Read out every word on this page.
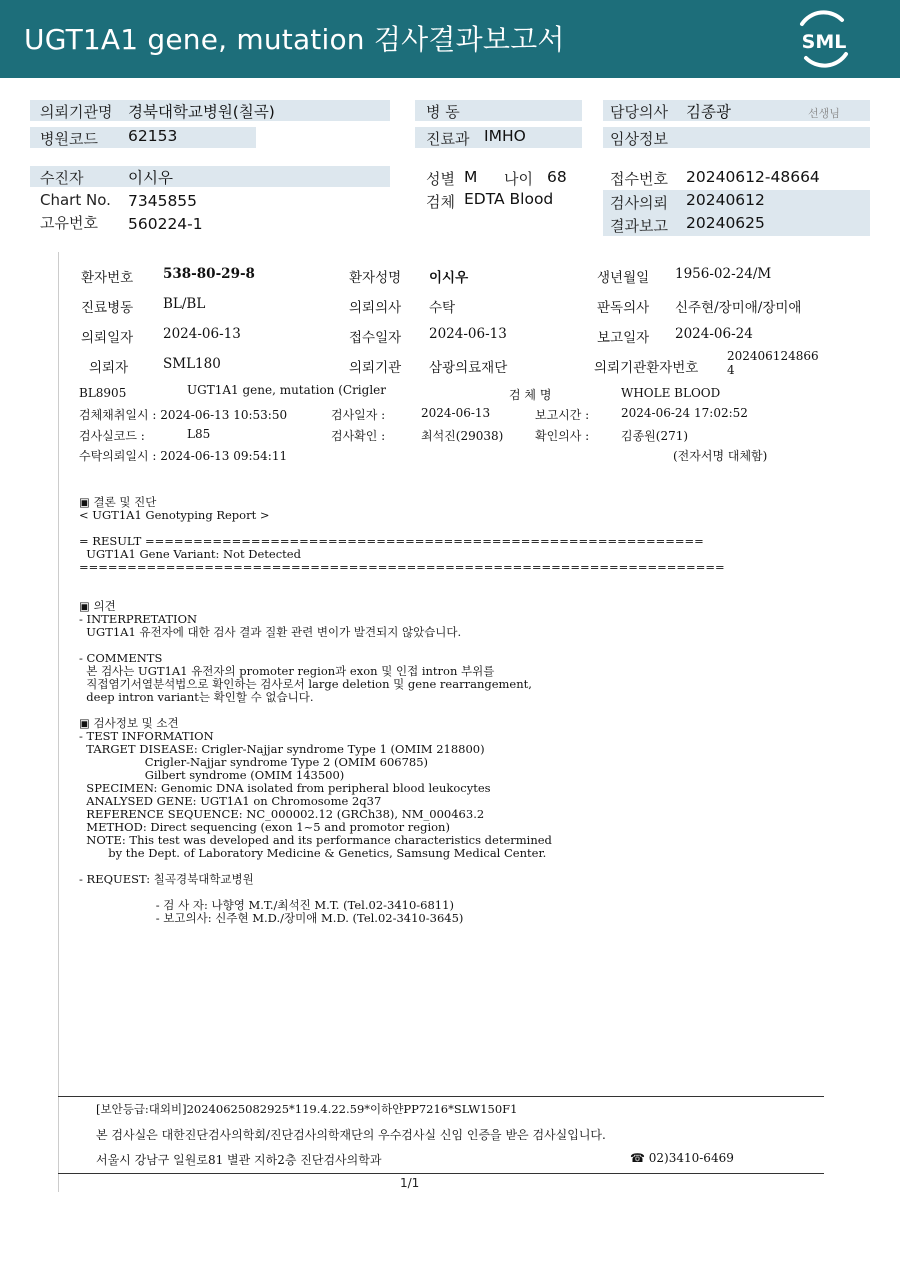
UGT1A1 gene, mutation 검사결과보고서	SML
의뢰기관명 경북대학교병원(칠곡)
병원코드 62153
병 동
진료과 IMHO
담당의사 김종광	선생님
임상정보
수진자	이시우
Chart No. 7345855
고유번호 560224-1
성별 M 나이 68
검체 EDTA Blood
접수번호 20240612-48664
검사의뢰 20240612
결과보고 20240625
환자번호 538-80-29-8	환자성명 이시우	생년월일 1956-02-24/M
진료병동 BL/BL	의뢰의사 수탁	판독의사 신주현/장미애/장미애
의뢰일자 2024-06-13	접수일자 2024-06-13	보고일자 2024-06-24
의뢰자	SML180	의뢰기관 삼광의료재단	의뢰기관환자번호
202406124866
4
BL8905	UGT1A1 gene, mutation (Crigler	검 체 명	WHOLE BLOOD
검체채취일시 : 2024-06-13 10:53:50	검사일자 :	2024-06-13	보고시간 :	2024-06-24 17:02:52
검사실코드 :	L85	검사확인 :	최석진(29038)	확인의사 :	김종원(271)
수탁의뢰일시 : 2024-06-13 09:54:11	(전자서명 대체함)
▣ 결론 및 진단
< UGT1A1 Genotyping Report >

= RESULT ==========================================================
UGT1A1 Gene Variant: Not Detected
===================================================================

▣ 의견
- INTERPRETATION
UGT1A1 유전자에 대한 검사 결과 질환 관련 변이가 발견되지 않았습니다.

- COMMENTS
본 검사는 UGT1A1 유전자의 promoter region과 exon 및 인접 intron 부위를
직접염기서열분석법으로 확인하는 검사로서 large deletion 및 gene rearrangement,
deep intron variant는 확인할 수 없습니다.

▣ 검사정보 및 소견
- TEST INFORMATION
TARGET DISEASE: Crigler-Najjar syndrome Type 1 (OMIM 218800)
Crigler-Najjar syndrome Type 2 (OMIM 606785)
Gilbert syndrome (OMIM 143500)
SPECIMEN: Genomic DNA isolated from peripheral blood leukocytes
ANALYSED GENE: UGT1A1 on Chromosome 2q37
REFERENCE SEQUENCE: NC_000002.12 (GRCh38), NM_000463.2
METHOD: Direct sequencing (exon 1~5 and promotor region)
NOTE: This test was developed and its performance characteristics determined
by the Dept. of Laboratory Medicine & Genetics, Samsung Medical Center.

- REQUEST: 칠곡경북대학교병원

- 검 사 자: 나향영 M.T./최석진 M.T. (Tel.02-3410-6811)
- 보고의사: 신주현 M.D./장미애 M.D. (Tel.02-3410-3645)
[보안등급:대외비]20240625082925*119.4.22.59*이하얀PP7216*SLW150F1
본 검사실은 대한진단검사의학회/진단검사의학재단의 우수검사실 신임 인증을 받은 검사실입니다.
서울시 강남구 일원로81 별관 지하2층 진단검사의학과	☎ 02)3410-6469
1/1
